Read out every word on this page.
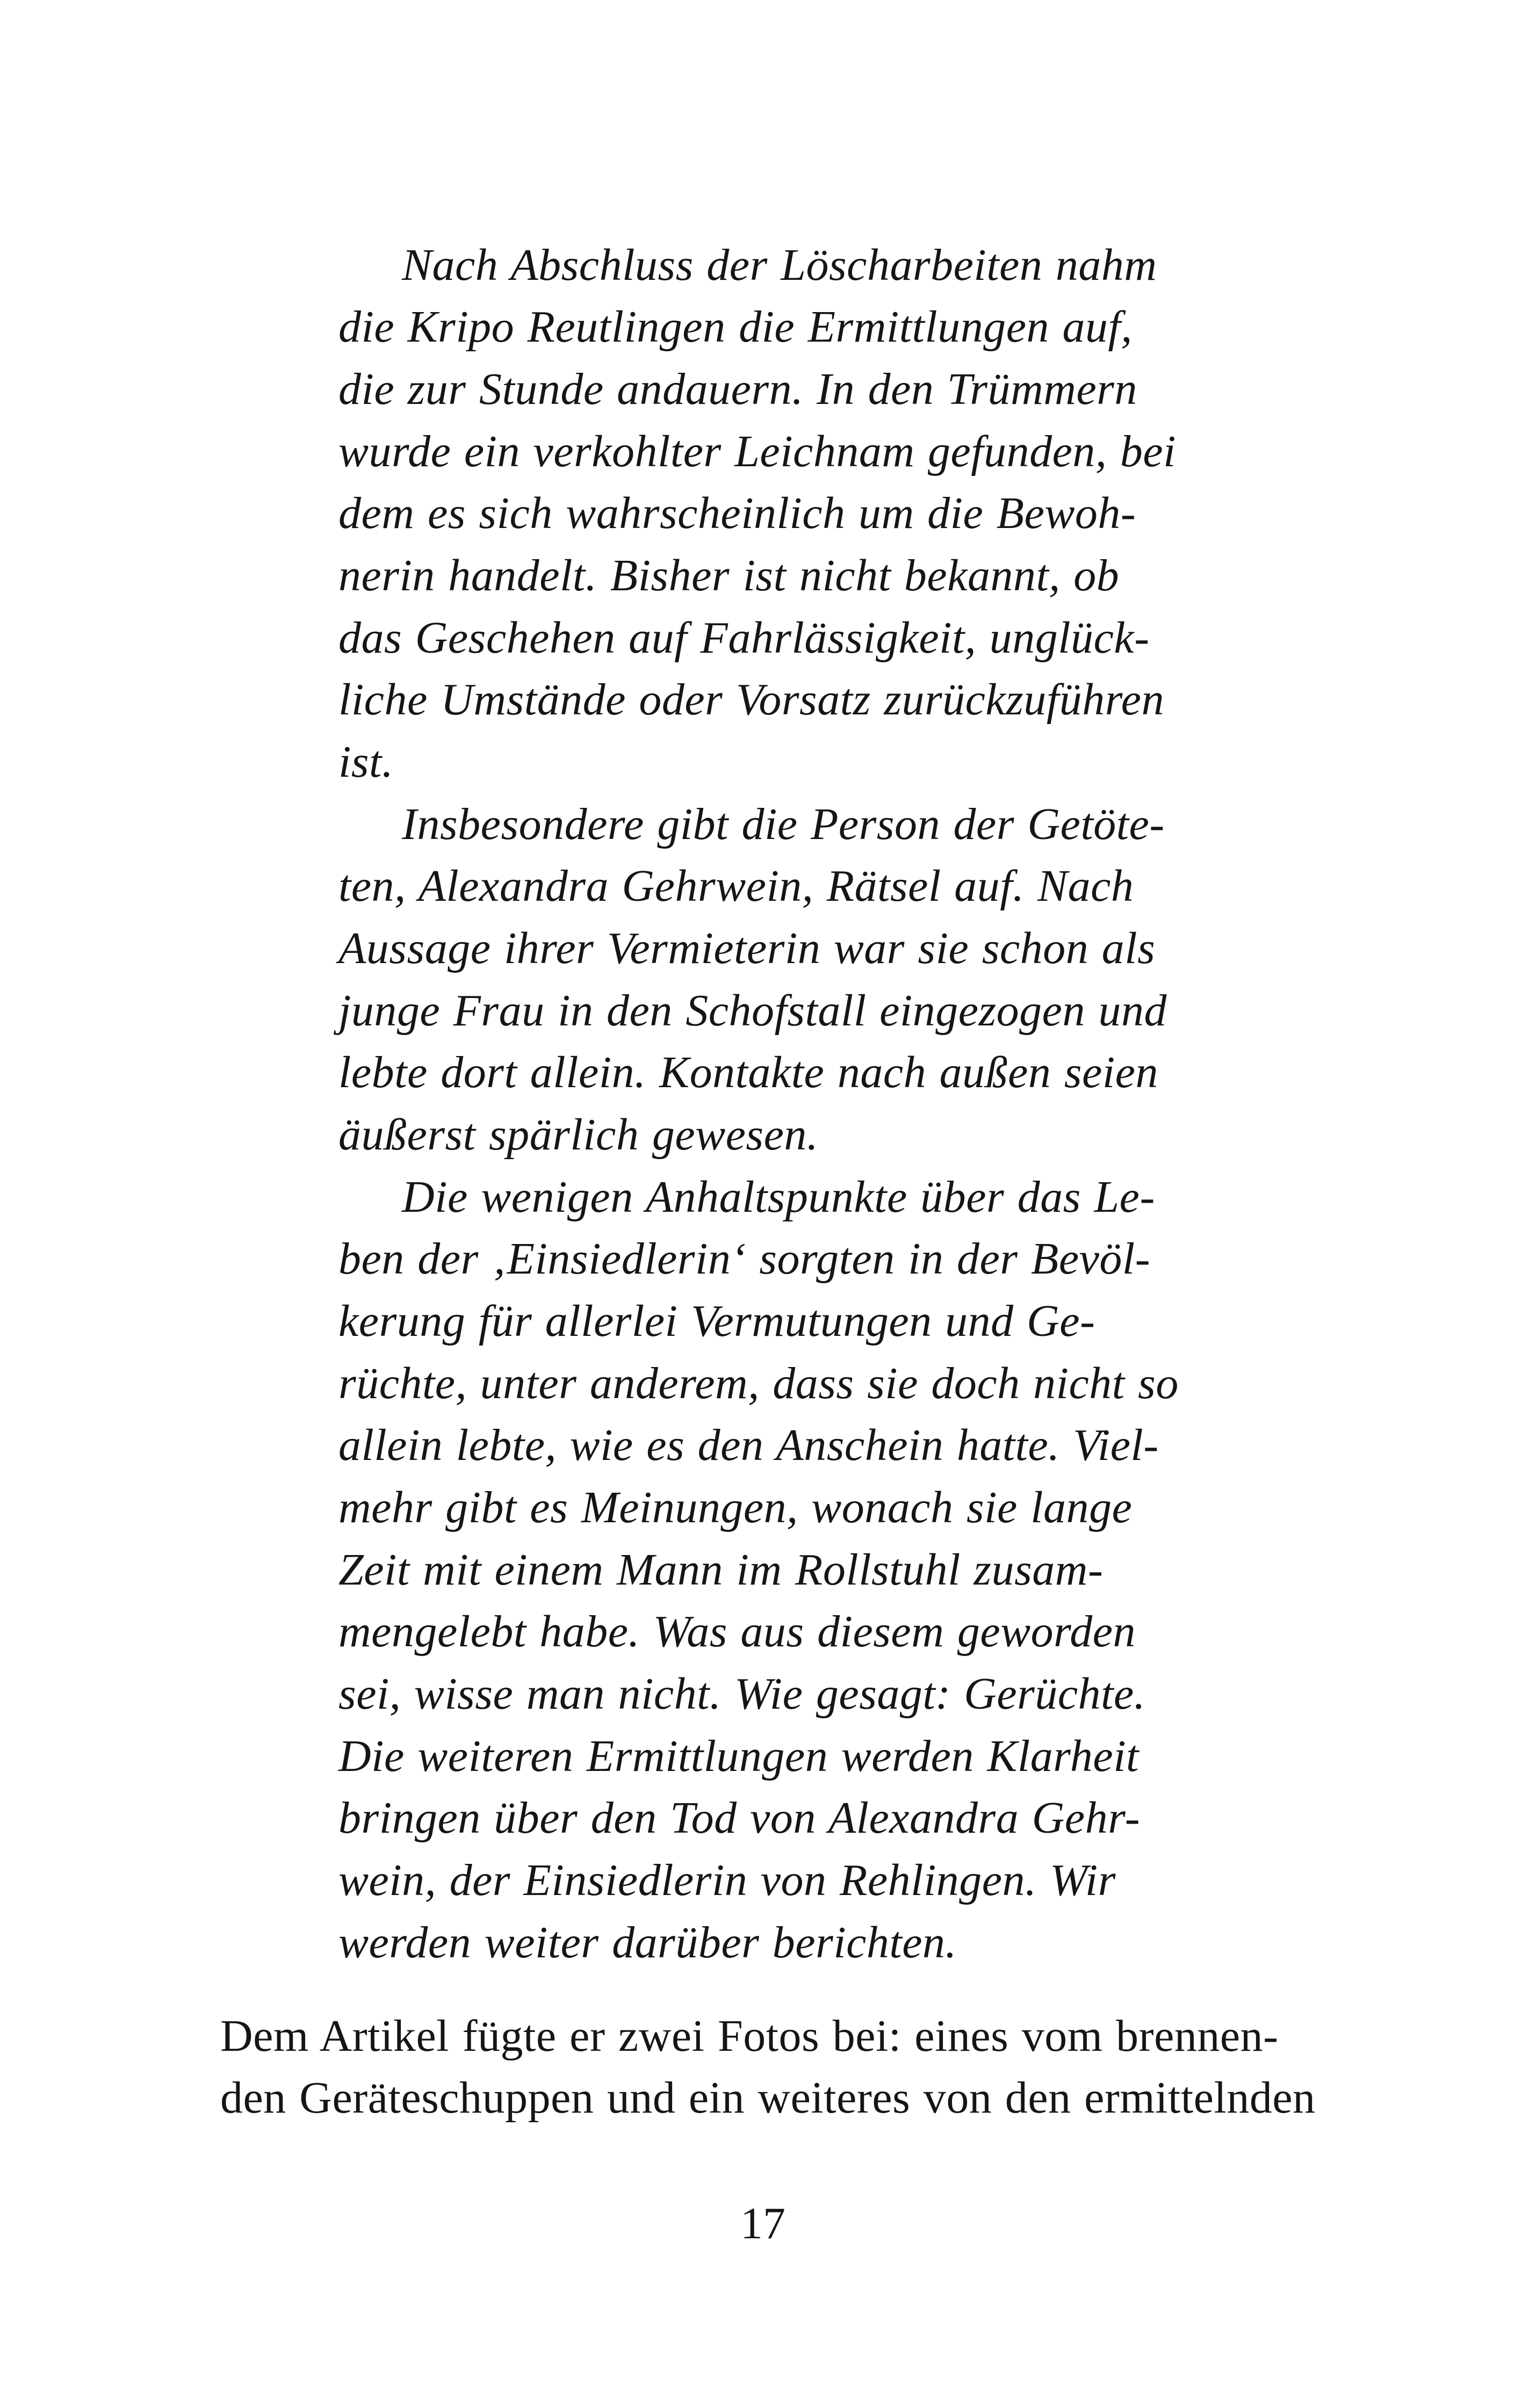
Nach Abschluss der Löscharbeiten nahm
die Kripo Reutlingen die Ermittlungen auf,
die zur Stunde andauern. In den Trümmern
wurde ein verkohlter Leichnam gefunden, bei
dem es sich wahrscheinlich um die Bewoh-
nerin handelt. Bisher ist nicht bekannt, ob
das Geschehen auf Fahrlässigkeit, unglück-
liche Umstände oder Vorsatz zurückzuführen
ist.
Insbesondere gibt die Person der Getöte-
ten, Alexandra Gehrwein, Rätsel auf. Nach
Aussage ihrer Vermieterin war sie schon als
junge Frau in den Schofstall eingezogen und
lebte dort allein. Kontakte nach außen seien
äußerst spärlich gewesen.
Die wenigen Anhaltspunkte über das Le-
ben der ‚Einsiedlerin‘ sorgten in der Bevöl-
kerung für allerlei Vermutungen und Ge-
rüchte, unter anderem, dass sie doch nicht so
allein lebte, wie es den Anschein hatte. Viel-
mehr gibt es Meinungen, wonach sie lange
Zeit mit einem Mann im Rollstuhl zusam-
mengelebt habe. Was aus diesem geworden
sei, wisse man nicht. Wie gesagt: Gerüchte.
Die weiteren Ermittlungen werden Klarheit
bringen über den Tod von Alexandra Gehr-
wein, der Einsiedlerin von Rehlingen. Wir
werden weiter darüber berichten.
Dem Artikel fügte er zwei Fotos bei: eines vom brennen-
den Geräteschuppen und ein weiteres von den ermittelnden
17
